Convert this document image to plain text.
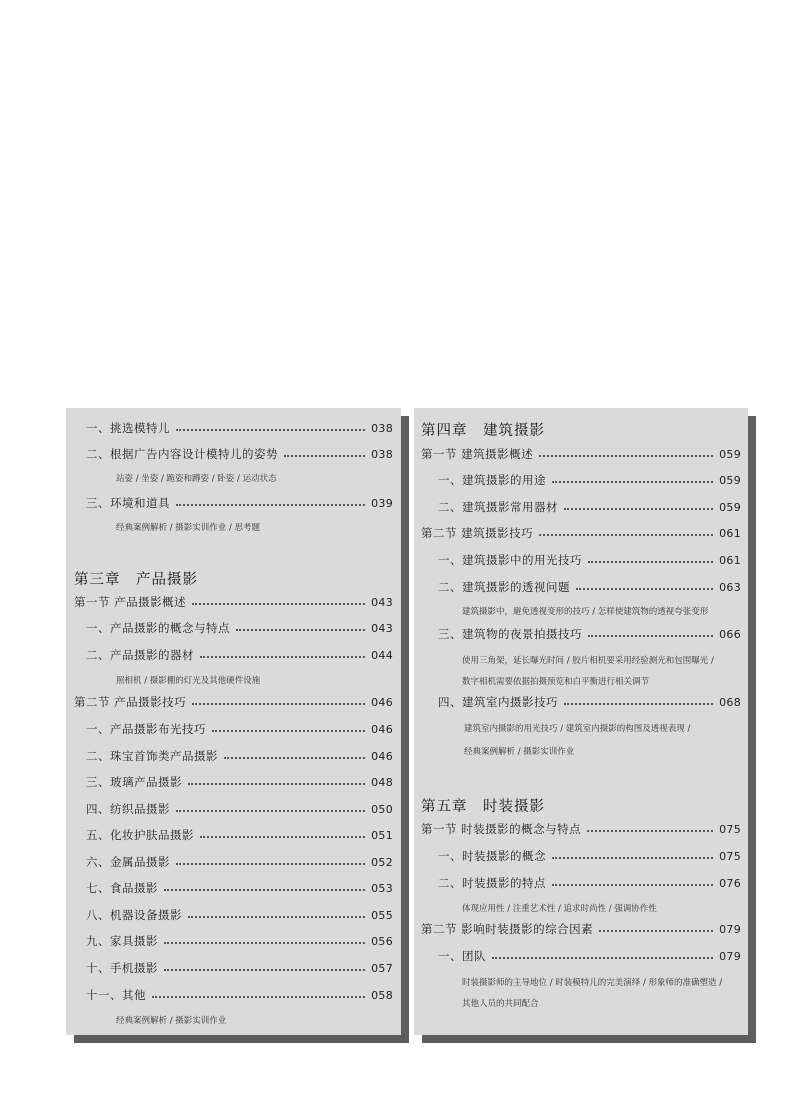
一、挑选模特儿	038
二、根据广告内容设计模特儿的姿势	038
站姿 / 坐姿 / 跪姿和蹲姿 / 卧姿 / 运动状态
三、环境和道具	039
经典案例解析 / 摄影实训作业 / 思考题
第三章　产品摄影
第一节 产品摄影概述	043
一、产品摄影的概念与特点	043
二、产品摄影的器材	044
照相机 / 摄影棚的灯光及其他硬件设施
第二节 产品摄影技巧	046
一、产品摄影布光技巧	046
二、珠宝首饰类产品摄影	046
三、玻璃产品摄影	048
四、纺织品摄影	050
五、化妆护肤品摄影	051
六、金属品摄影	052
七、食品摄影	053
八、机器设备摄影	055
九、家具摄影	056
十、手机摄影	057
十一、其他	058
经典案例解析 / 摄影实训作业
第四章　建筑摄影
第一节 建筑摄影概述	059
一、建筑摄影的用途	059
二、建筑摄影常用器材	059
第二节 建筑摄影技巧	061
一、建筑摄影中的用光技巧	061
二、建筑摄影的透视问题	063
建筑摄影中，避免透视变形的技巧 / 怎样使建筑物的透视夸张变形
三、建筑物的夜景拍摄技巧	066
使用三角架，延长曝光时间 / 胶片相机要采用经验测光和包围曝光 /
数字相机需要依据拍摄预览和白平衡进行相关调节
四、建筑室内摄影技巧	068
建筑室内摄影的用光技巧 / 建筑室内摄影的构图及透视表现 /
经典案例解析 / 摄影实训作业
第五章　时装摄影
第一节 时装摄影的概念与特点	075
一、时装摄影的概念	075
二、时装摄影的特点	076
体现应用性 / 注重艺术性 / 追求时尚性 / 强调协作性
第二节 影响时装摄影的综合因素	079
一、团队	079
时装摄影师的主导地位 / 时装模特儿的完美演绎 / 形象师的准确塑造 /
其他人员的共同配合
